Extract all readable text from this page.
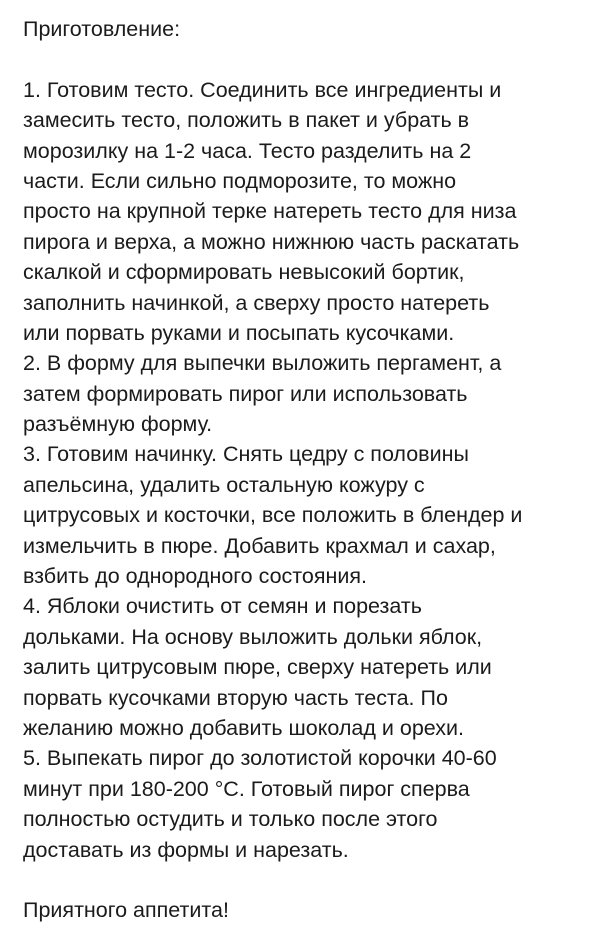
Приготовление:
1. Готовим тесто. Соединить все ингредиенты и
замесить тесто, положить в пакет и убрать в
морозилку на 1-2 часа. Тесто разделить на 2
части. Если сильно подморозите, то можно
просто на крупной терке натереть тесто для низа
пирога и верха, а можно нижнюю часть раскатать
скалкой и сформировать невысокий бортик,
заполнить начинкой, а сверху просто натереть
или порвать руками и посыпать кусочками.
2. В форму для выпечки выложить пергамент, а
затем формировать пирог или использовать
разъёмную форму.
3. Готовим начинку. Снять цедру с половины
апельсина, удалить остальную кожуру с
цитрусовых и косточки, все положить в блендер и
измельчить в пюре. Добавить крахмал и сахар,
взбить до однородного состояния.
4. Яблоки очистить от семян и порезать
дольками. На основу выложить дольки яблок,
залить цитрусовым пюре, сверху натереть или
порвать кусочками вторую часть теста. По
желанию можно добавить шоколад и орехи.
5. Выпекать пирог до золотистой корочки 40-60
минут при 180-200 °С. Готовый пирог сперва
полностью остудить и только после этого
доставать из формы и нарезать.
Приятного аппетита!
